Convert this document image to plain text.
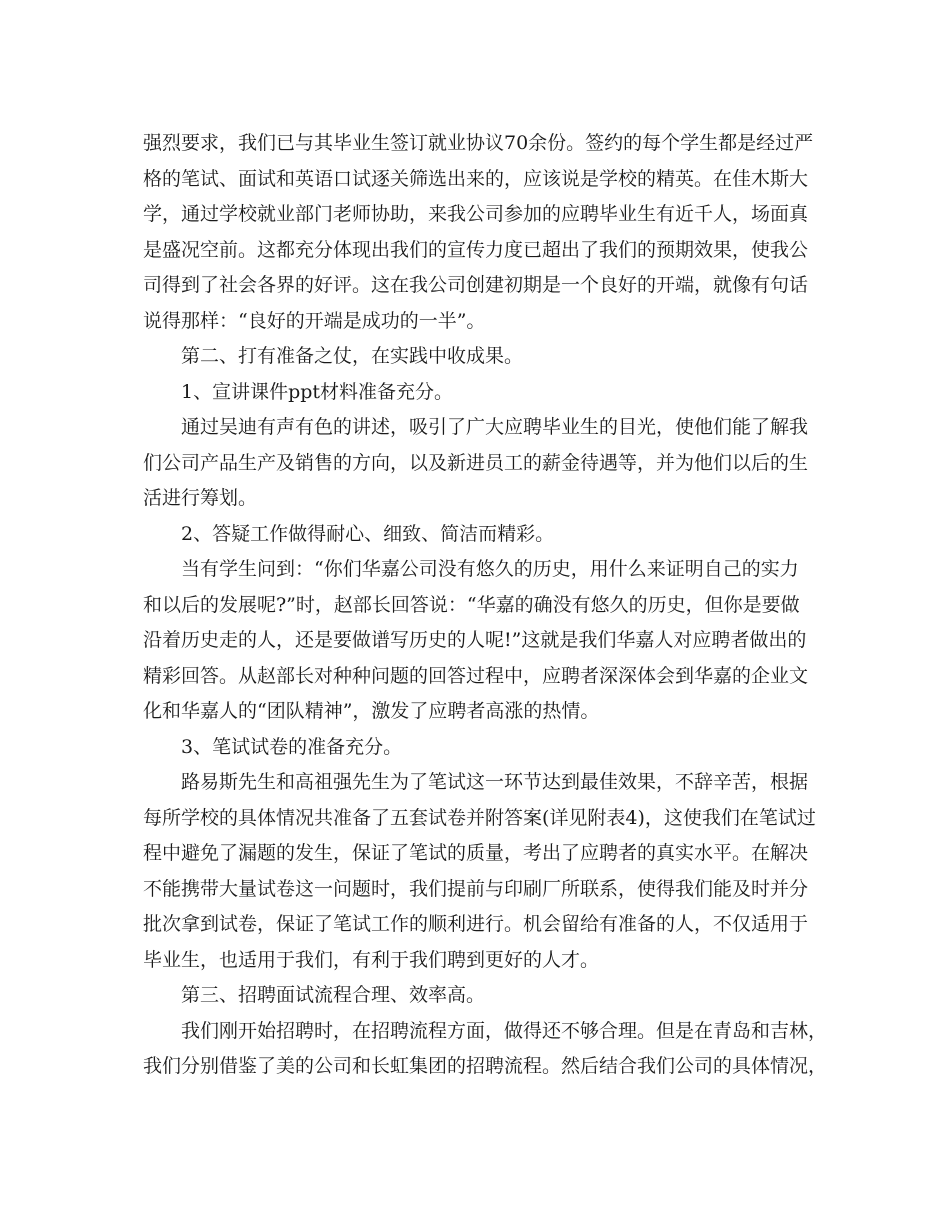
强烈要求，我们已与其毕业生签订就业协议70余份。签约的每个学生都是经过严
格的笔试、面试和英语口试逐关筛选出来的，应该说是学校的精英。在佳木斯大
学，通过学校就业部门老师协助，来我公司参加的应聘毕业生有近千人，场面真
是盛况空前。这都充分体现出我们的宣传力度已超出了我们的预期效果，使我公
司得到了社会各界的好评。这在我公司创建初期是一个良好的开端，就像有句话
说得那样：“良好的开端是成功的一半”。
第二、打有准备之仗，在实践中收成果。
1、宣讲课件ppt材料准备充分。
通过吴迪有声有色的讲述，吸引了广大应聘毕业生的目光，使他们能了解我
们公司产品生产及销售的方向，以及新进员工的薪金待遇等，并为他们以后的生
活进行筹划。
2、答疑工作做得耐心、细致、简洁而精彩。
当有学生问到：“你们华嘉公司没有悠久的历史，用什么来证明自己的实力
和以后的发展呢?”时，赵部长回答说：“华嘉的确没有悠久的历史，但你是要做
沿着历史走的人，还是要做谱写历史的人呢!”这就是我们华嘉人对应聘者做出的
精彩回答。从赵部长对种种问题的回答过程中，应聘者深深体会到华嘉的企业文
化和华嘉人的“团队精神”，激发了应聘者高涨的热情。
3、笔试试卷的准备充分。
路易斯先生和高祖强先生为了笔试这一环节达到最佳效果，不辞辛苦，根据
每所学校的具体情况共准备了五套试卷并附答案(详见附表4)，这使我们在笔试过
程中避免了漏题的发生，保证了笔试的质量，考出了应聘者的真实水平。在解决
不能携带大量试卷这一问题时，我们提前与印刷厂所联系，使得我们能及时并分
批次拿到试卷，保证了笔试工作的顺利进行。机会留给有准备的人，不仅适用于
毕业生，也适用于我们，有利于我们聘到更好的人才。
第三、招聘面试流程合理、效率高。
我们刚开始招聘时，在招聘流程方面，做得还不够合理。但是在青岛和吉林，
我们分别借鉴了美的公司和长虹集团的招聘流程。然后结合我们公司的具体情况，
